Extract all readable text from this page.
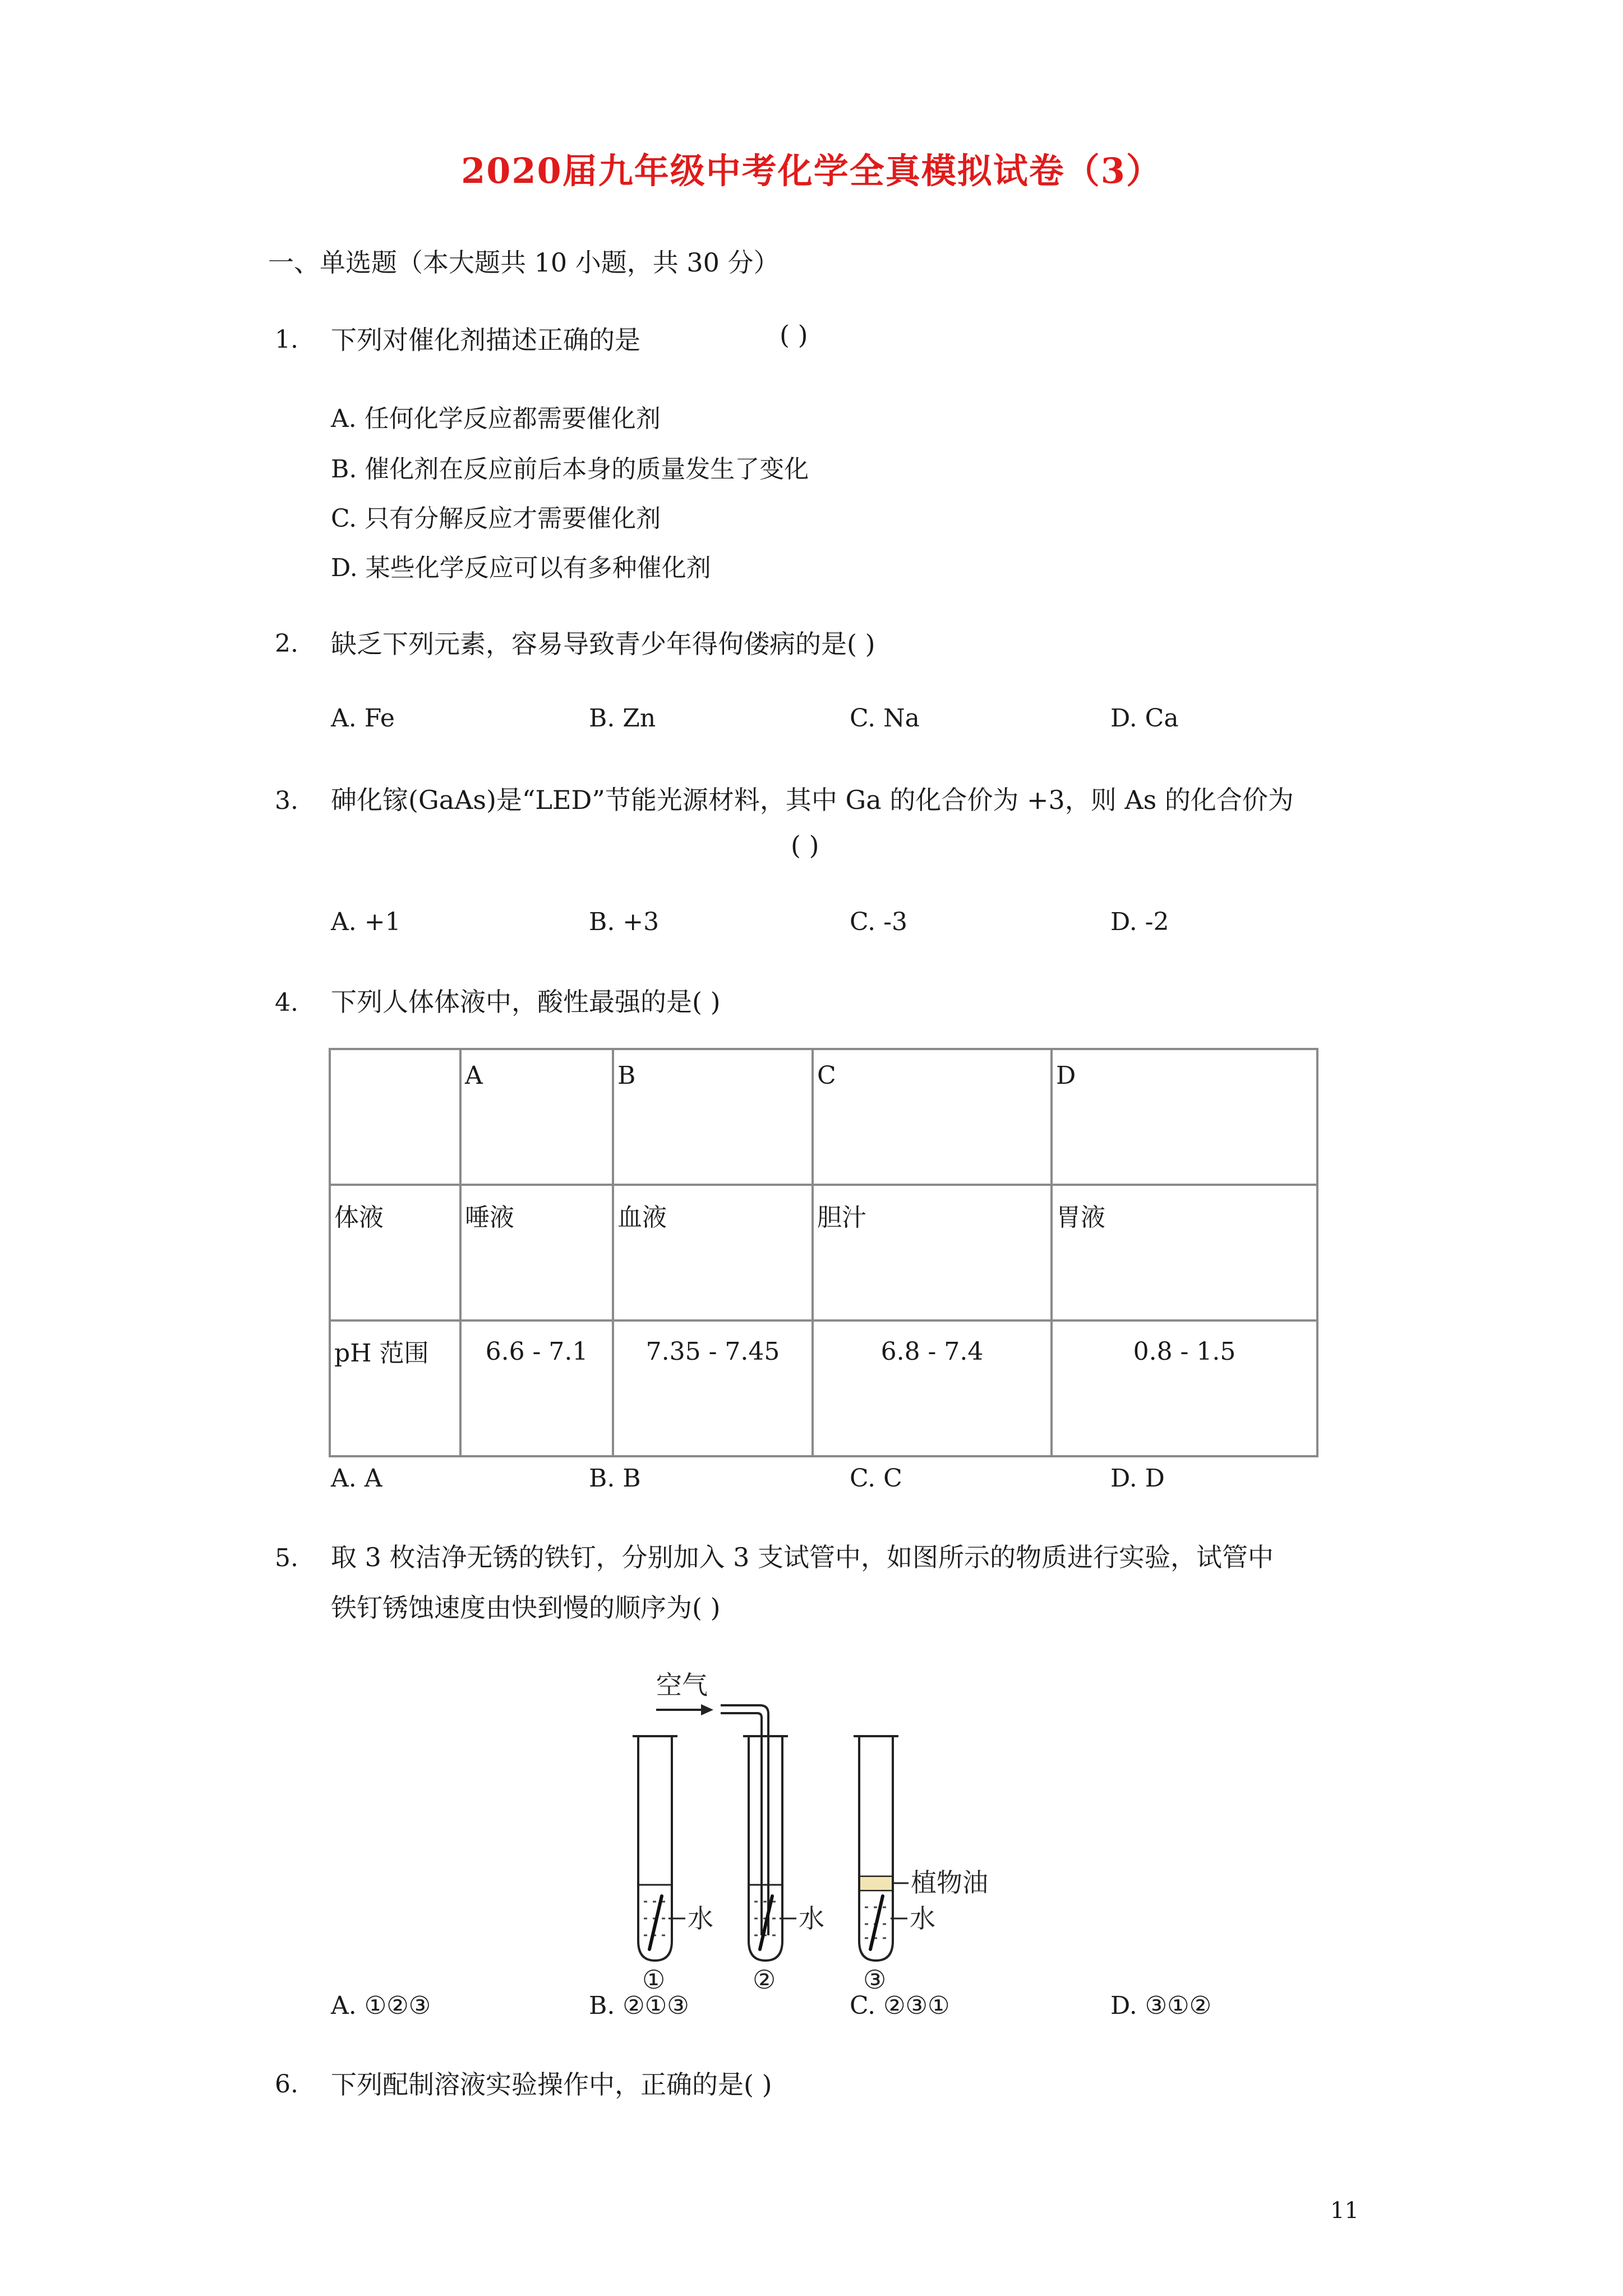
2020届九年级中考化学全真模拟试卷（3）
一、单选题（本大题共 10 小题，共 30 分）
1. 下列对催化剂描述正确的是	( )
A. 任何化学反应都需要催化剂
B. 催化剂在反应前后本身的质量发生了变化
C. 只有分解反应才需要催化剂
D. 某些化学反应可以有多种催化剂
2. 缺乏下列元素，容易导致青少年得佝偻病的是( )
A. Fe	B. Zn	C. Na	D. Ca
3. 砷化镓(GaAs)是“LED”节能光源材料，其中 Ga 的化合价为 +3，则 As 的化合价为
( )
A. +1	B. +3	C. -3	D. -2
4. 下列人体体液中，酸性最强的是( )
	A	B	C	D
体液	唾液	血液	胆汁	胃液
pH 范围	6.6 - 7.1	7.35 - 7.45	6.8 - 7.4	0.8 - 1.5
A. A	B. B	C. C	D. D
5. 取 3 枚洁净无锈的铁钉，分别加入 3 支试管中，如图所示的物质进行实验，试管中
铁钉锈蚀速度由快到慢的顺序为( )
空气
水	水
植物油
水
①	②	③
A. ①②③	B. ②①③	C. ②③①	D. ③①②
6. 下列配制溶液实验操作中，正确的是( )
11
